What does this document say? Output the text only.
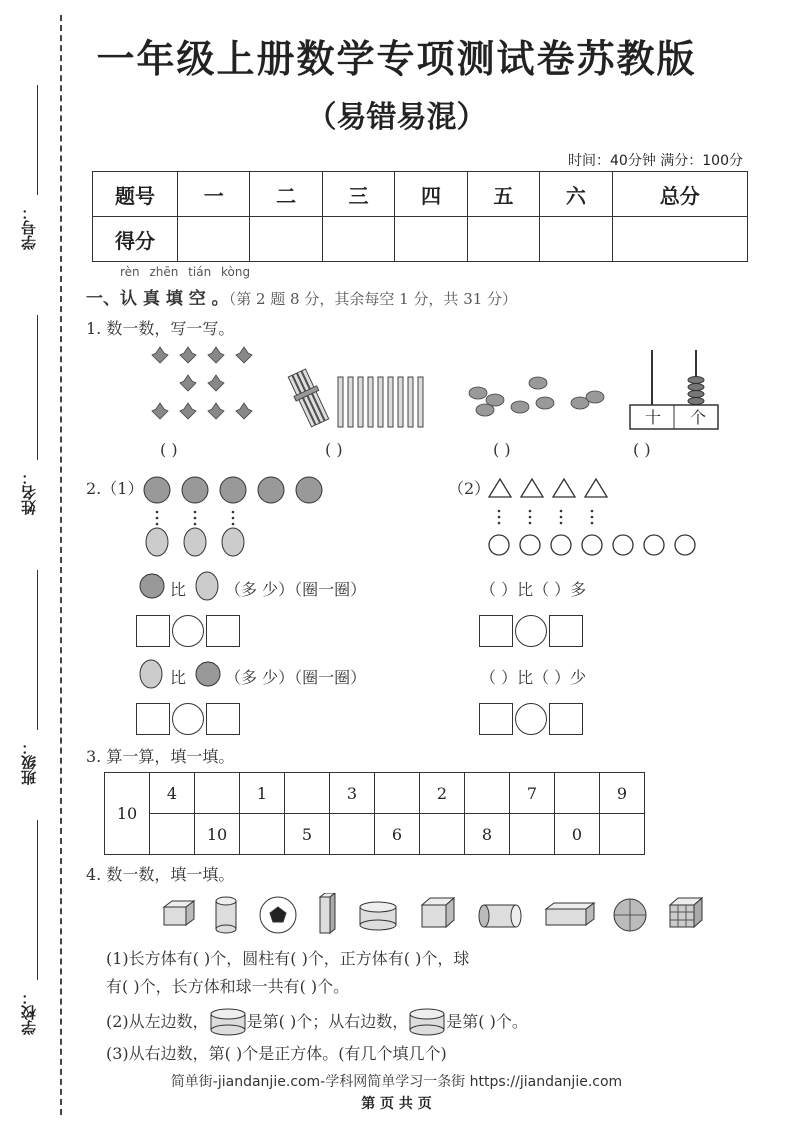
学号：
姓名：
班级：
学校：
一年级上册数学专项测试卷苏教版
（易错易混）
时间：40分钟 满分：100分
题号	一	二	三	四	五	六	总分
得分							
rèn zhēn tián kòng
一、认 真 填 空 。（第 2 题 8 分，其余每空 1 分，共 31 分）
1. 数一数，写一写。
十 个
( )	( )	( )	( )
2.（1）	（2）
比 （多 少）（圈一圈）	（ ）比（ ）多
比 （多 少）（圈一圈）	（ ）比（ ）少
3. 算一算，填一填。
10	4		1		3		2		7		9
		10		5		6		8		0	
4. 数一数，填一填。
(1)长方体有( )个，圆柱有( )个，正方体有( )个，球
有( )个，长方体和球一共有( )个。
(2)从左边数， 是第( )个；从右边数， 是第( )个。
(3)从右边数，第( )个是正方体。(有几个填几个)
简单街-jiandanjie.com-学科网简单学习一条街 https://jiandanjie.com
第 页 共 页
